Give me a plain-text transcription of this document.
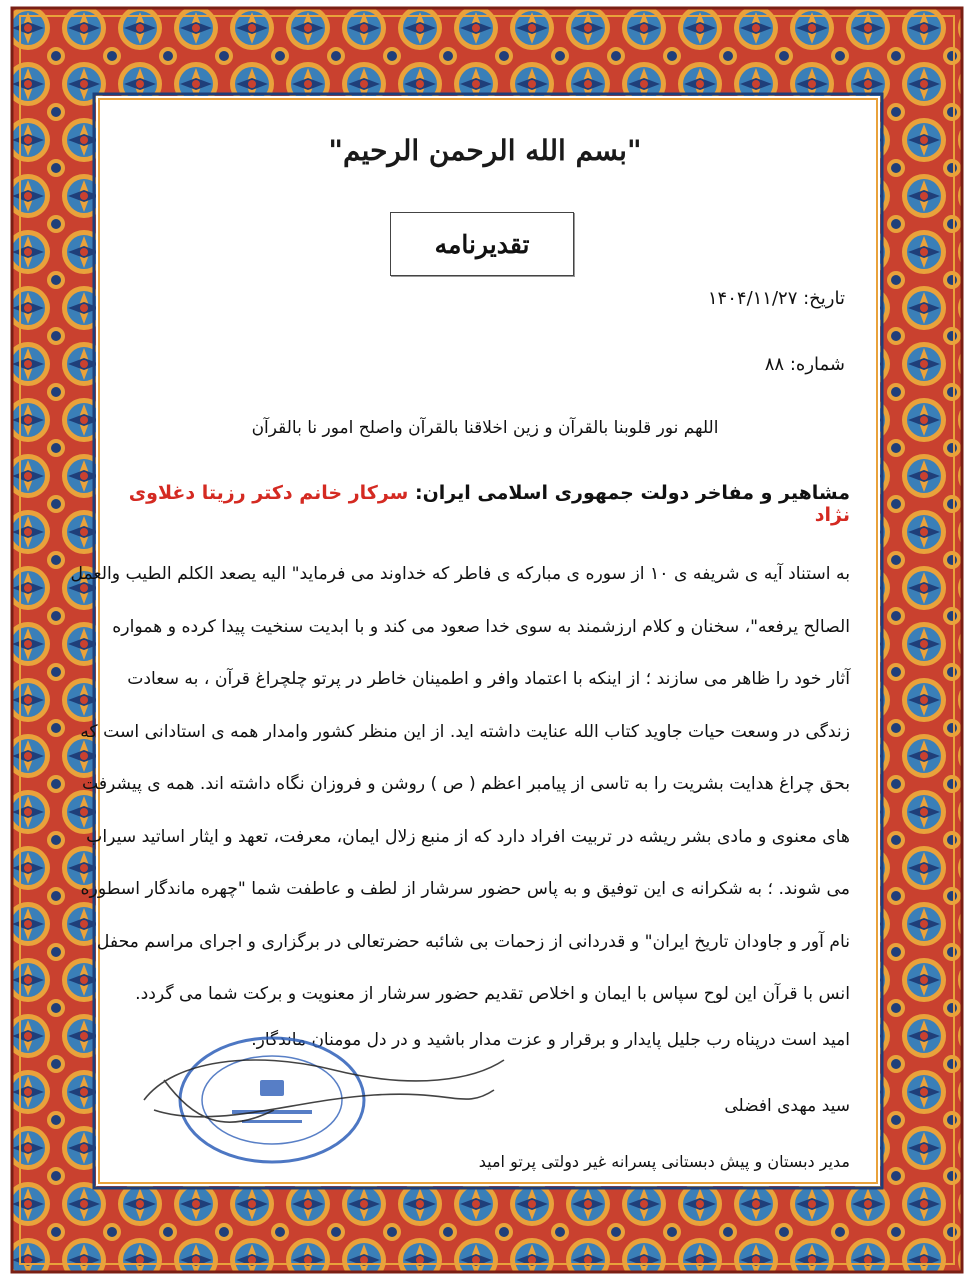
"بسم الله الرحمن الرحیم"
تقدیرنامه
تاریخ: ۱۴۰۴/۱۱/۲۷
شماره: ۸۸
اللهم نور قلوبنا بالقرآن و زین اخلاقنا بالقرآن واصلح امور نا بالقرآن
مشاهیر و مفاخر دولت جمهوری اسلامی ایران: سرکار خانم دکتر رزیتا دغلاوی نژاد
به استناد آیه ی شریفه ی ۱۰ از سوره ی مبارکه ی فاطر که خداوند می فرماید" الیه یصعد الکلم الطیب والعمل
الصالح یرفعه"، سخنان و کلام ارزشمند به سوی خدا صعود می کند و با ابدیت سنخیت پیدا کرده و همواره
آثار خود را ظاهر می سازند ؛ از اینکه با اعتماد وافر و اطمینان خاطر در پرتو چلچراغ قرآن ، به سعادت
زندگی در وسعت حیات جاوید کتاب الله عنایت داشته اید. از این منظر کشور وامدار همه ی استادانی است که
بحق چراغ هدایت بشریت را به تاسی از پیامبر اعظم ( ص ) روشن و فروزان نگاه داشته اند. همه ی پیشرفت
های معنوی و مادی بشر ریشه در تربیت افراد دارد که از منبع زلال ایمان، معرفت، تعهد و ایثار اساتید سیراب
می شوند. ؛ به شکرانه ی این توفیق و به پاس حضور سرشار از لطف و عاطفت شما "چهره ماندگار اسطوره
نام آور و جاودان تاریخ ایران" و قدردانی از زحمات بی شائبه حضرتعالی در برگزاری و اجرای مراسم محفل
انس با قرآن این لوح سپاس با ایمان و اخلاص تقدیم حضور سرشار از معنویت و برکت شما می گردد.
امید است درپناه رب جلیل پایدار و برقرار و عزت مدار باشید و در دل مومنان ماندگار.
سید مهدی افضلی
مدیر دبستان و پیش دبستانی پسرانه غیر دولتی پرتو امید
